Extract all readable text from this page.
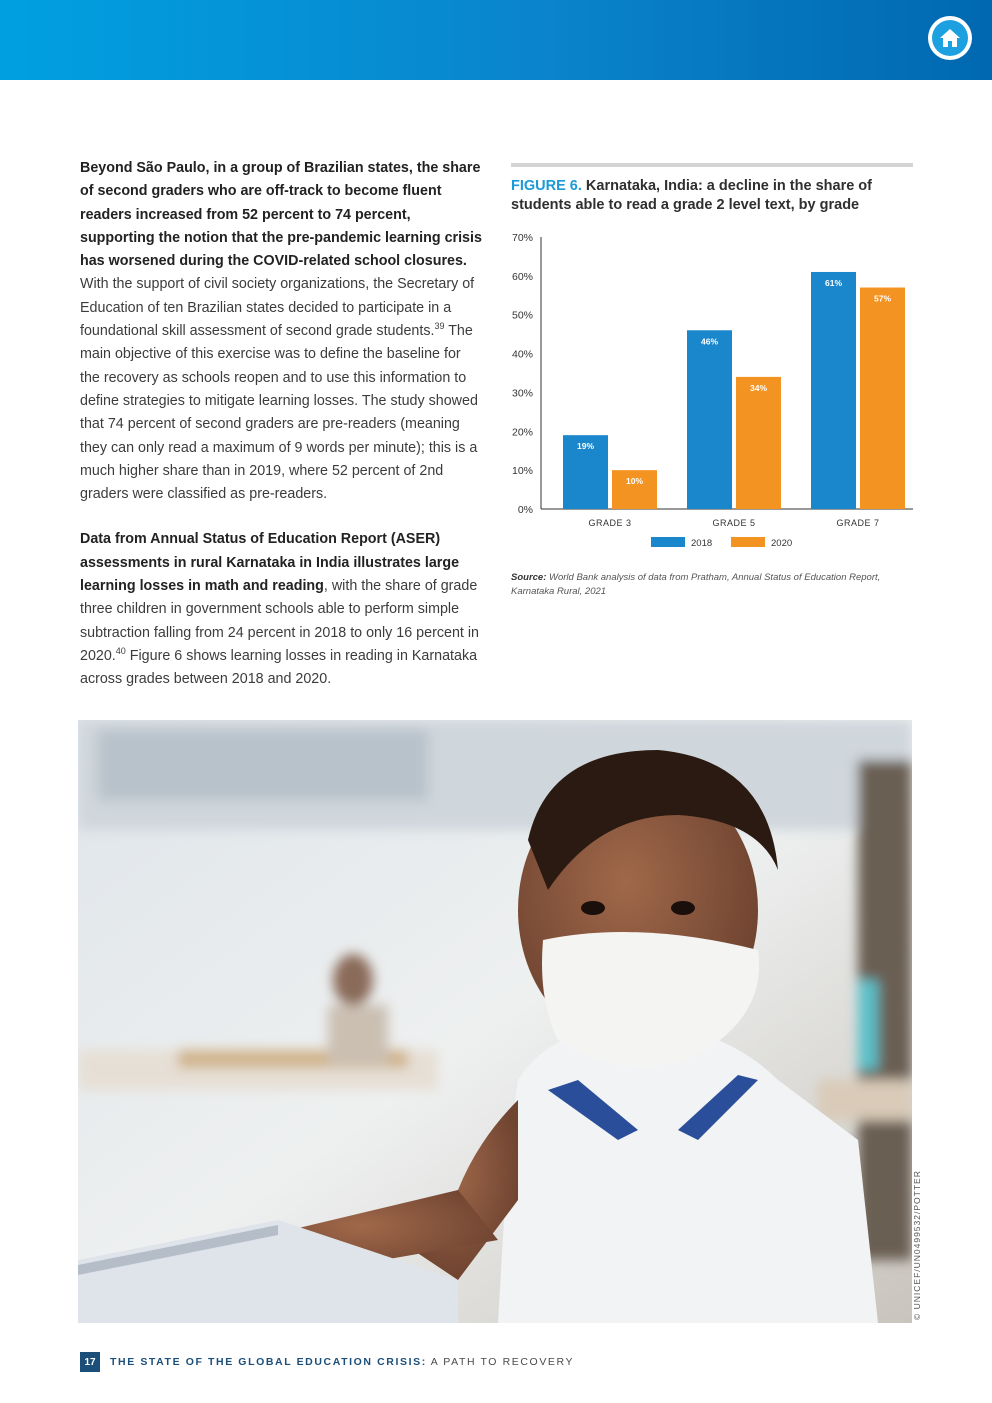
Beyond São Paulo, in a group of Brazilian states, the share of second graders who are off-track to become fluent readers increased from 52 percent to 74 percent, supporting the notion that the pre-pandemic learning crisis has worsened during the COVID-related school closures. With the support of civil society organizations, the Secretary of Education of ten Brazilian states decided to participate in a foundational skill assessment of second grade students.$^{39}$ The main objective of this exercise was to define the baseline for the recovery as schools reopen and to use this information to define strategies to mitigate learning losses. The study showed that 74 percent of second graders are pre-readers (meaning they can only read a maximum of 9 words per minute); this is a much higher share than in 2019, where 52 percent of 2nd graders were classified as pre-readers.

Data from Annual Status of Education Report (ASER) assessments in rural Karnataka in India illustrates large learning losses in math and reading, with the share of grade three children in government schools able to perform simple subtraction falling from 24 percent in 2018 to only 16 percent in 2020.40 Figure 6 shows learning losses in reading in Karnataka across grades between 2018 and 2020.

FIGURE 6. Karnataka, India: a decline in the share of students able to read a grade 2 level text, by grade
0%
10%
20%
30%
40%
50%
60%
70%
19%
10%
GRADE 3
46%
34%
GRADE 5
61%
57%
GRADE 7
2018	2020
Source: World Bank analysis of data from Pratham, Annual Status of Education Report, Karnataka Rural, 2021
© UNICEF/UN0499532/POTTER
17	THE STATE OF THE GLOBAL EDUCATION CRISIS: A PATH TO RECOVERY
